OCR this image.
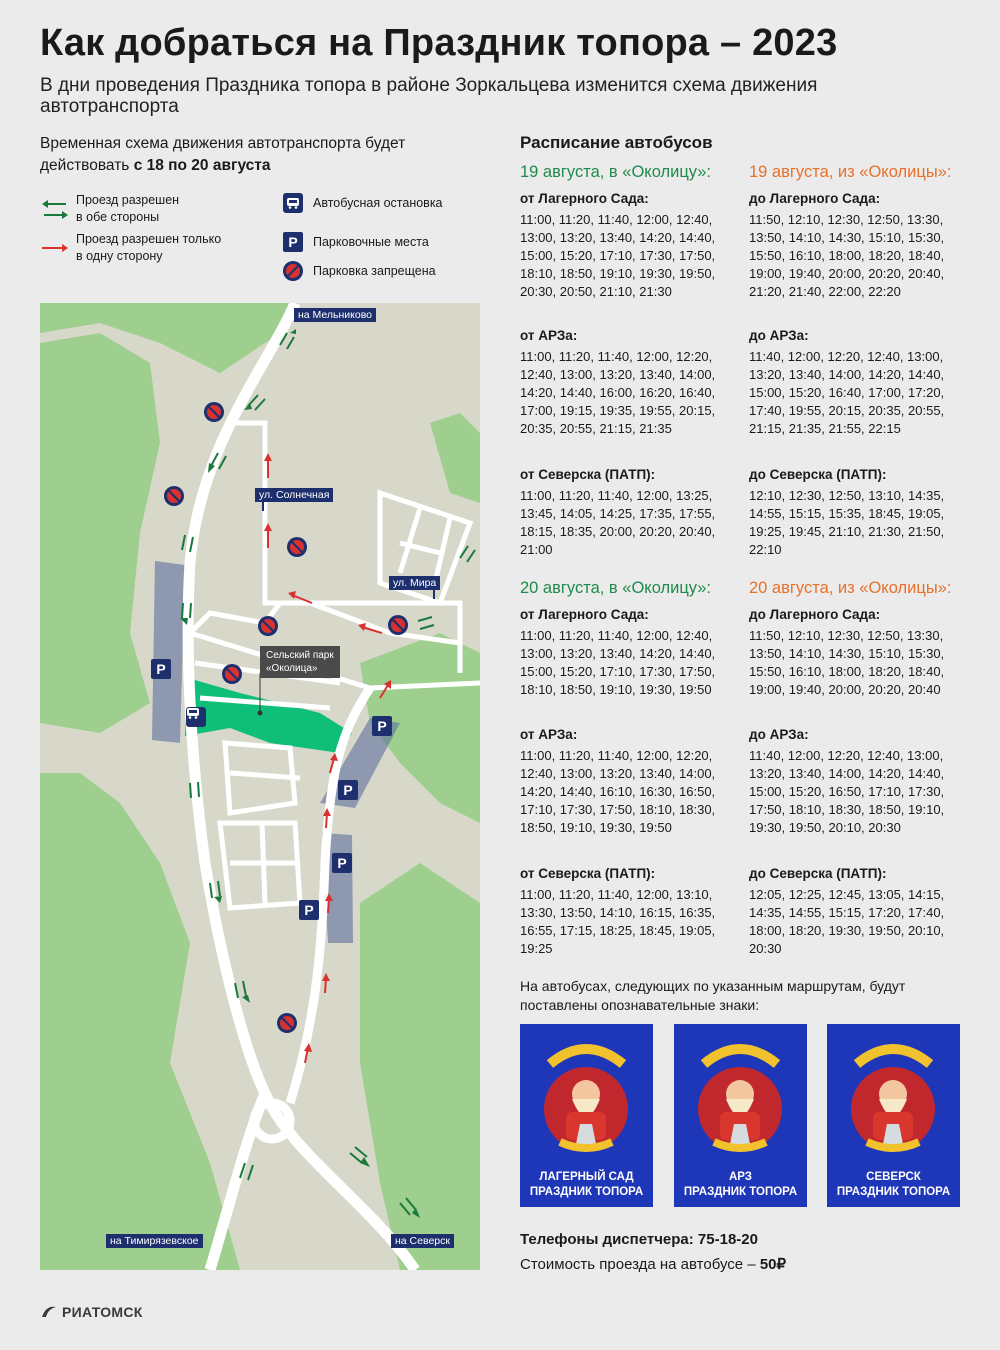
Как добраться на Праздник топора – 2023
В дни проведения Праздника топора в районе Зоркальцева изменится схема движения автотранспорта
Временная схема движения автотранспорта будет действовать с 18 по 20 августа
Проезд разрешен
в обе стороны
Проезд разрешен только
в одну сторону
Автобусная остановка
P	Парковочные места
Парковка запрещена
P
P
P
P
P
на Мельниково
ул. Солнечная
ул. Мира
Сельский парк
«Околица»
на Тимирязевское	на Северск
Расписание автобусов
19 августа, в «Околицу»:
от Лагерного Сада:
11:00, 11:20, 11:40, 12:00, 12:40, 13:00, 13:20, 13:40, 14:20, 14:40, 15:00, 15:20, 17:10, 17:30, 17:50, 18:10, 18:50, 19:10, 19:30, 19:50, 20:30, 20:50, 21:10, 21:30
от АРЗа:
11:00, 11:20, 11:40, 12:00, 12:20, 12:40, 13:00, 13:20, 13:40, 14:00, 14:20, 14:40, 16:00, 16:20, 16:40, 17:00, 19:15, 19:35, 19:55, 20:15, 20:35, 20:55, 21:15, 21:35
от Северска (ПАТП):
11:00, 11:20, 11:40, 12:00, 13:25, 13:45, 14:05, 14:25, 17:35, 17:55, 18:15, 18:35, 20:00, 20:20, 20:40, 21:00
19 августа, из «Околицы»:
до Лагерного Сада:
11:50, 12:10, 12:30, 12:50, 13:30, 13:50, 14:10, 14:30, 15:10, 15:30, 15:50, 16:10, 18:00, 18:20, 18:40, 19:00, 19:40, 20:00, 20:20, 20:40, 21:20, 21:40, 22:00, 22:20
до АРЗа:
11:40, 12:00, 12:20, 12:40, 13:00, 13:20, 13:40, 14:00, 14:20, 14:40, 15:00, 15:20, 16:40, 17:00, 17:20, 17:40, 19:55, 20:15, 20:35, 20:55, 21:15, 21:35, 21:55, 22:15
до Северска (ПАТП):
12:10, 12:30, 12:50, 13:10, 14:35, 14:55, 15:15, 15:35, 18:45, 19:05, 19:25, 19:45, 21:10, 21:30, 21:50, 22:10
20 августа, в «Околицу»:
от Лагерного Сада:
11:00, 11:20, 11:40, 12:00, 12:40, 13:00, 13:20, 13:40, 14:20, 14:40, 15:00, 15:20, 17:10, 17:30, 17:50, 18:10, 18:50, 19:10, 19:30, 19:50
от АРЗа:
11:00, 11:20, 11:40, 12:00, 12:20, 12:40, 13:00, 13:20, 13:40, 14:00, 14:20, 14:40, 16:10, 16:30, 16:50, 17:10, 17:30, 17:50, 18:10, 18:30, 18:50, 19:10, 19:30, 19:50
от Северска (ПАТП):
11:00, 11:20, 11:40, 12:00, 13:10, 13:30, 13:50, 14:10, 16:15, 16:35, 16:55, 17:15, 18:25, 18:45, 19:05, 19:25
20 августа, из «Околицы»:
до Лагерного Сада:
11:50, 12:10, 12:30, 12:50, 13:30, 13:50, 14:10, 14:30, 15:10, 15:30, 15:50, 16:10, 18:00, 18:20, 18:40, 19:00, 19:40, 20:00, 20:20, 20:40
до АРЗа:
11:40, 12:00, 12:20, 12:40, 13:00, 13:20, 13:40, 14:00, 14:20, 14:40, 15:00, 15:20, 16:50, 17:10, 17:30, 17:50, 18:10, 18:30, 18:50, 19:10, 19:30, 19:50, 20:10, 20:30
до Северска (ПАТП):
12:05, 12:25, 12:45, 13:05, 14:15, 14:35, 14:55, 15:15, 17:20, 17:40, 18:00, 18:20, 19:30, 19:50, 20:10, 20:30
На автобусах, следующих по указанным маршрутам, будут поставлены опознавательные знаки:
ЛАГЕРНЫЙ САД
ПРАЗДНИК ТОПОРА
АРЗ
ПРАЗДНИК ТОПОРА
СЕВЕРСК
ПРАЗДНИК ТОПОРА
Телефоны диспетчера: 75-18-20
Стоимость проезда на автобусе – 50₽
РИАТОМСК
